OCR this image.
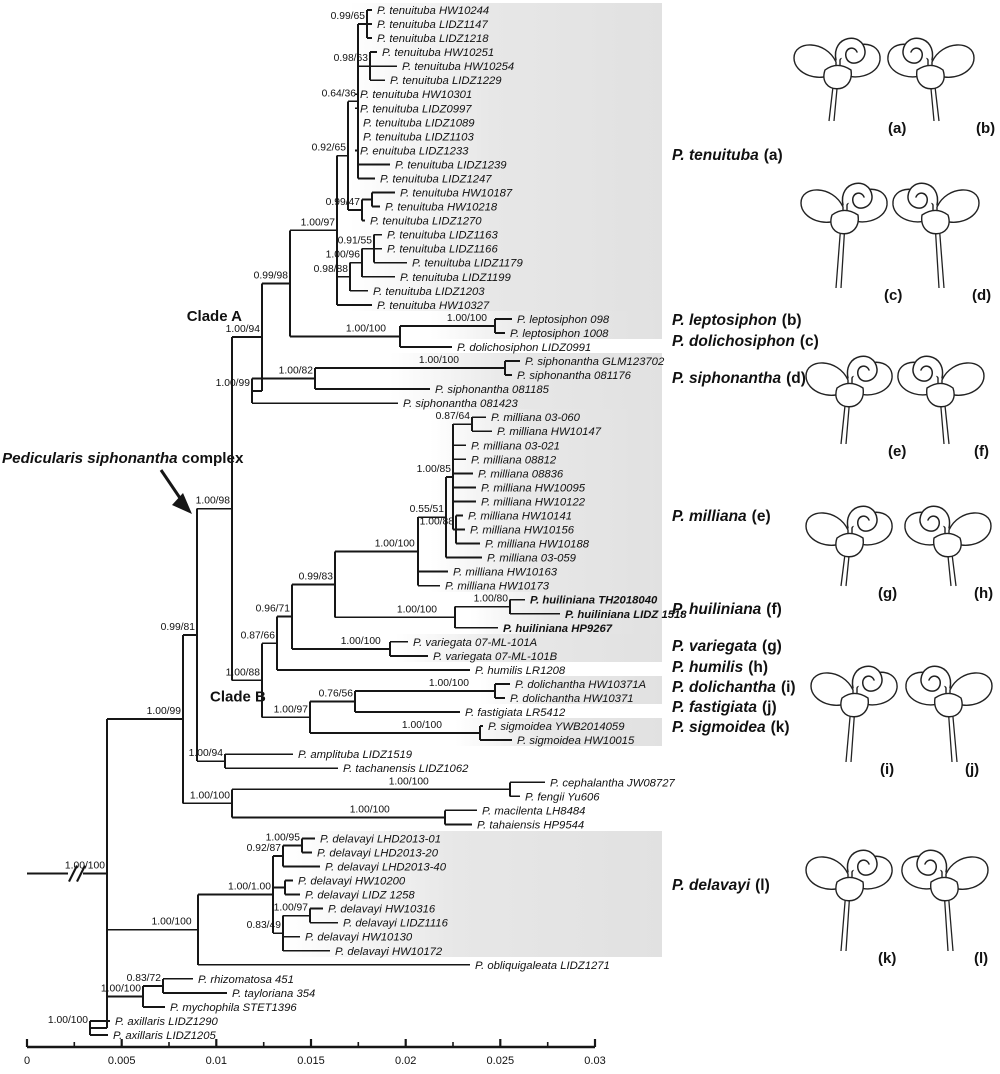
1.00/100
1.00/99
0.99/81
1.00/98
1.00/94
Clade A
0.99/98
1.00/97
0.92/65
0.64/36
0.99/65 P. tenuituba HW10244
P. tenuituba LIDZ1147
P. tenuituba LIDZ1218
0.98/63 P. tenuituba HW10251
P. tenuituba HW10254
P. tenuituba LIDZ1229
P. tenuituba HW10301
P. tenuituba LIDZ0997
P. tenuituba LIDZ1089
P. tenuituba LIDZ1103
P. enuituba LIDZ1233
P. tenuituba LIDZ1239
P. tenuituba LIDZ1247
0.99/47
P. tenuituba HW10187
P. tenuituba HW10218
P. tenuituba LIDZ1270
0.98/88
1.00/96
0.91/55 P. tenuituba LIDZ1163
P. tenuituba LIDZ1166
P. tenuituba LIDZ1179
P. tenuituba LIDZ1199
P. tenuituba LIDZ1203
P. tenuituba HW10327
1.00/100
1.00/100	P. leptosiphon 098
P. leptosiphon 1008
P. dolichosiphon LIDZ0991
1.00/99
1.00/82
1.00/100	P. siphonantha GLM123702
P. siphonantha 081176
P. siphonantha 081185
P. siphonantha 081423
1.00/88
Clade B
0.87/66
0.96/71
0.99/83
1.00/100
0.55/51
1.00/85
0.87/64 P. milliana 03-060
P. milliana HW10147
P. milliana 03-021
P. milliana 08812
P. milliana 08836
P. milliana HW10095
P. milliana HW10122
1.00/88 P. milliana HW10141
P. milliana HW10156
P. milliana HW10188
P. milliana 03-059
P. milliana HW10163
P. milliana HW10173
1.00/100
1.00/80 P. huiliniana TH2018040
P. huiliniana LIDZ 1518
P. huiliniana HP9267
1.00/100	P. variegata 07-ML-101A
P. variegata 07-ML-101B
P. humilis LR1208
1.00/97
0.76/56
1.00/100	P. dolichantha HW10371A
P. dolichantha HW10371
P. fastigiata LR5412
1.00/100	P. sigmoidea YWB2014059
P. sigmoidea HW10015
1.00/94	P. amplituba LIDZ1519
P. tachanensis LIDZ1062
1.00/100
1.00/100	P. cephalantha JW08727
P. fengii Yu606
1.00/100	P. macilenta LH8484
P. tahaiensis HP9544
1.00/100
1.00/1.00
0.92/87
1.00/95 P. delavayi LHD2013-01
P. delavayi LHD2013-20
P. delavayi LHD2013-40
P. delavayi HW10200
P. delavayi LIDZ 1258
0.83/49
1.00/97 P. delavayi HW10316
P. delavayi LIDZ1116
P. delavayi HW10130
P. delavayi HW10172
P. obliquigaleata LIDZ1271
1.00/100
0.83/72	P. rhizomatosa 451
P. tayloriana 354
P. mychophila STET1396
1.00/100 P. axillaris LIDZ1290
P. axillaris LIDZ1205
Pedicularis siphonantha complex
P. tenuituba (a)
P. leptosiphon (b)
P. dolichosiphon (c)
P. siphonantha (d)
P. milliana (e)
P. huiliniana (f)
P. variegata (g)
P. humilis (h)
P. dolichantha (i)
P. fastigiata (j)
P. sigmoidea (k)
P. delavayi (l)
(a)	(b)
(c)	(d)
(e)	(f)
(g)	(h)
(i)	(j)
(k)	(l)
0	0.005	0.01	0.015	0.02	0.025	0.03
